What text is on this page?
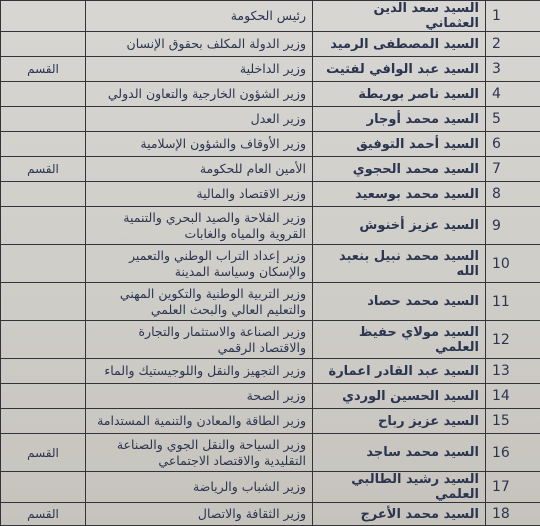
	رئيس الحكومة	السيد سعد الدين العثماني	1
	وزير الدولة المكلف بحقوق الإنسان	السيد المصطفى الرميد	2
القسم	وزير الداخلية	السيد عبد الوافي لفتيت	3
	وزير الشؤون الخارجية والتعاون الدولي	السيد ناصر بوريطة	4
	وزير العدل	السيد محمد أوجار	5
	وزير الأوقاف والشؤون الإسلامية	السيد أحمد التوفيق	6
القسم	الأمين العام للحكومة	السيد محمد الحجوي	7
	وزير الاقتصاد والمالية	السيد محمد بوسعيد	8
	وزير الفلاحة والصيد البحري والتنمية القروية والمياه والغابات	السيد عزيز أخنوش	9
	وزير إعداد التراب الوطني والتعمير والإسكان وسياسة المدينة	السيد محمد نبيل بنعبد الله	10
	وزير التربية الوطنية والتكوين المهني والتعليم العالي والبحث العلمي	السيد محمد حصاد	11
	وزير الصناعة والاستثمار والتجارة والاقتصاد الرقمي	السيد مولاي حفيظ العلمي	12
	وزير التجهيز والنقل واللوجيستيك والماء	السيد عبد القادر اعمارة	13
	وزير الصحة	السيد الحسين الوردي	14
	وزير الطاقة والمعادن والتنمية المستدامة	السيد عزيز رباح	15
القسم	وزير السياحة والنقل الجوي والصناعة التقليدية والاقتصاد الاجتماعي	السيد محمد ساجد	16
	وزير الشباب والرياضة	السيد رشيد الطالبي العلمي	17
القسم	وزير الثقافة والاتصال	السيد محمد الأعرج	18
